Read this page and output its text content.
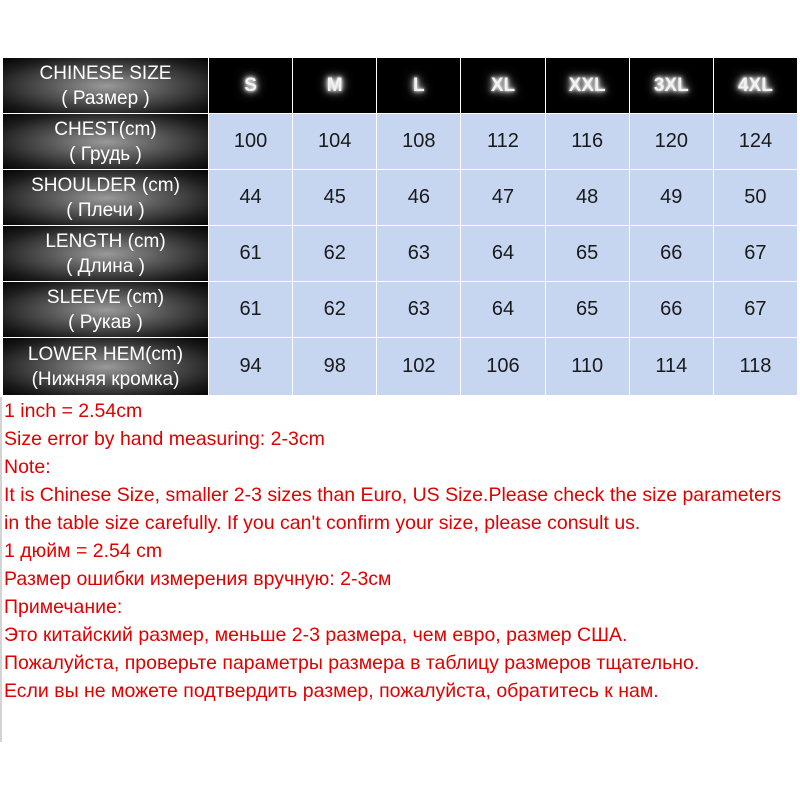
CHINESE SIZE
( Размер )	S	M	L	XL	XXL	3XL	4XL

CHEST(cm)
( Грудь )	100	104	108	112	116	120	124

SHOULDER (cm)
( Плечи )	44	45	46	47	48	49	50

LENGTH (cm)
( Длина )	61	62	63	64	65	66	67

SLEEVE (cm)
( Рукав )	61	62	63	64	65	66	67

LOWER HEM(cm)
(Нижняя кромка)	94	98	102	106	110	114	118

1 inch = 2.54cm

Size error by hand measuring: 2-3cm

Note:

It is Chinese Size, smaller 2-3 sizes than Euro, US Size.Please check the size parameters in the table size carefully. If you can't confirm your size, please consult us.

1 дюйм = 2.54 cm

Размер ошибки измерения вручную: 2-3см

Примечание:

Это китайский размер, меньше 2-3 размера, чем евро, размер США.

Пожалуйста, проверьте параметры размера в таблицу размеров тщательно.

Если вы не можете подтвердить размер, пожалуйста, обратитесь к нам.
